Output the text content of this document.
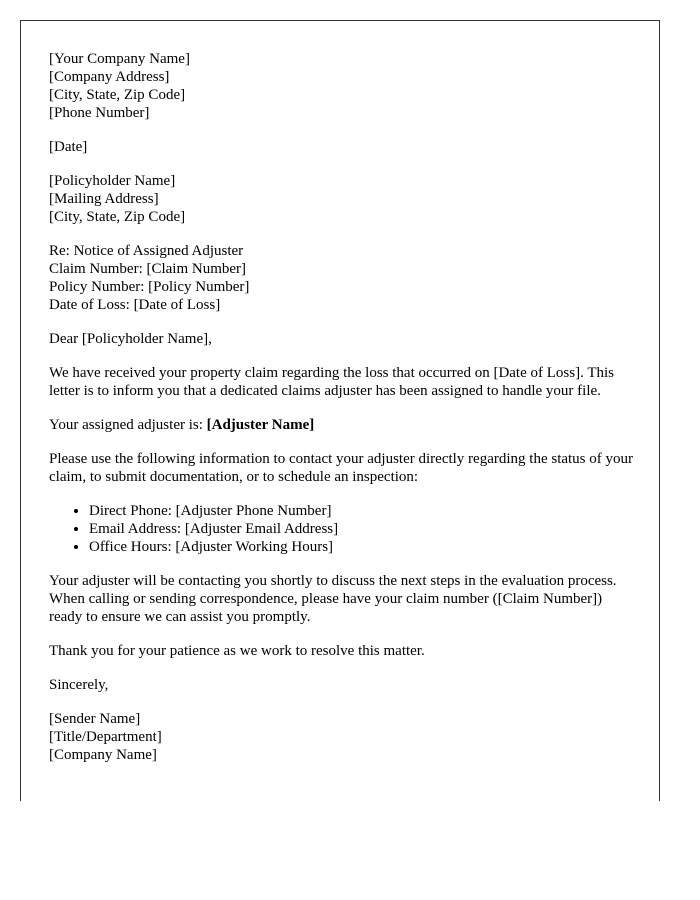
[Your Company Name]
[Company Address]
[City, State, Zip Code]
[Phone Number]
[Date]
[Policyholder Name]
[Mailing Address]
[City, State, Zip Code]
Re: Notice of Assigned Adjuster
Claim Number: [Claim Number]
Policy Number: [Policy Number]
Date of Loss: [Date of Loss]

Dear [Policyholder Name],

We have received your property claim regarding the loss that occurred on [Date of Loss]. This letter is to inform you that a dedicated claims adjuster has been assigned to handle your file.

Your assigned adjuster is: [Adjuster Name]

Please use the following information to contact your adjuster directly regarding the status of your claim, to submit documentation, or to schedule an inspection:

• Direct Phone: [Adjuster Phone Number]
• Email Address: [Adjuster Email Address]
• Office Hours: [Adjuster Working Hours]

Your adjuster will be contacting you shortly to discuss the next steps in the evaluation process. When calling or sending correspondence, please have your claim number ([Claim Number]) ready to ensure we can assist you promptly.

Thank you for your patience as we work to resolve this matter.

Sincerely,

[Sender Name]
[Title/Department]
[Company Name]
